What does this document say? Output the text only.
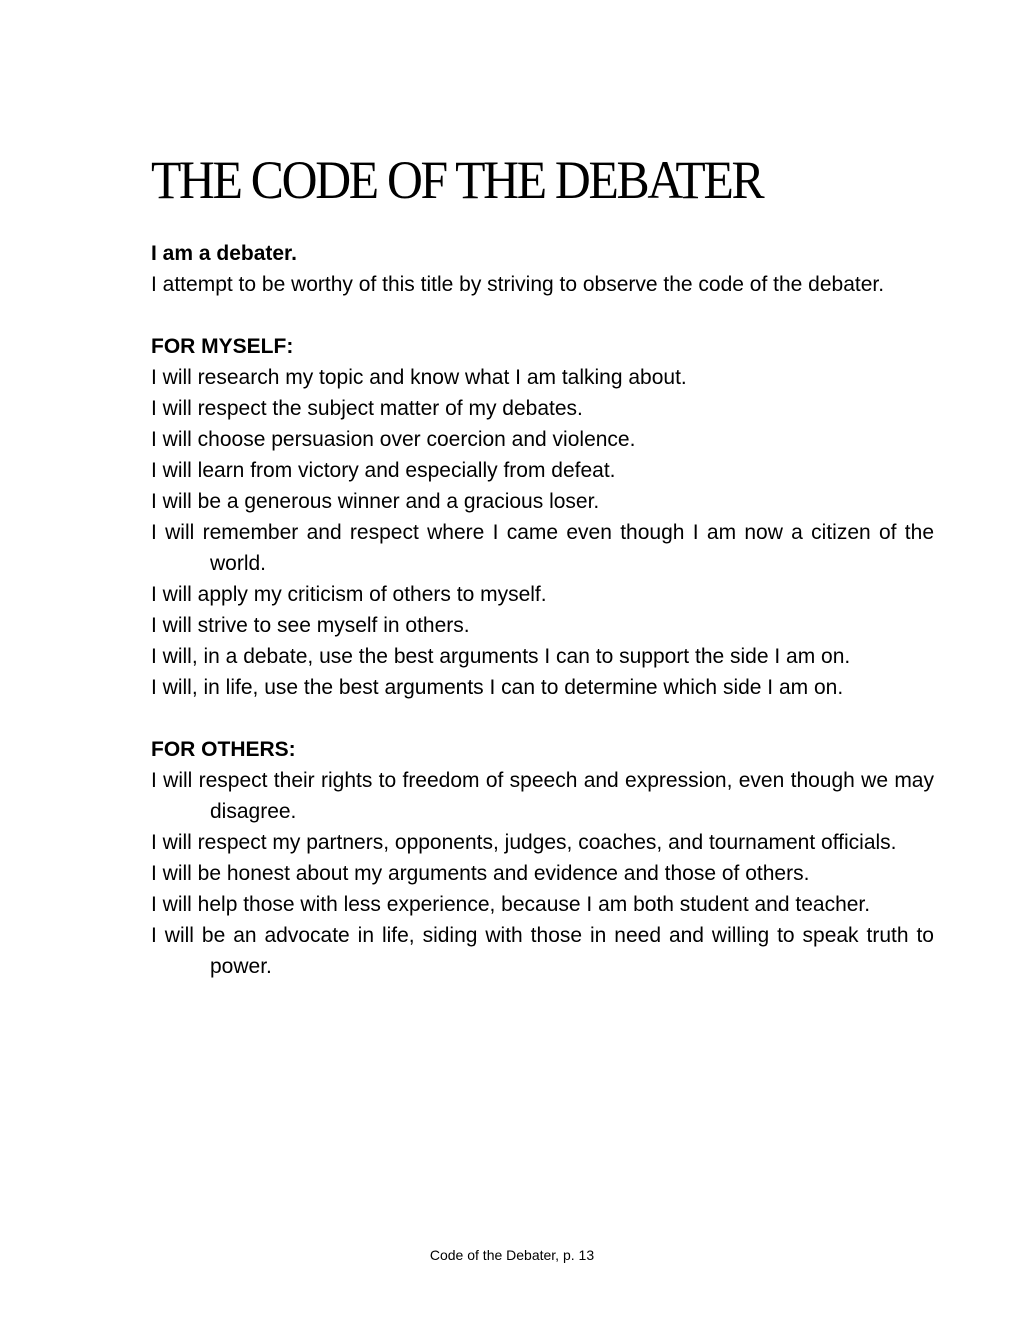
THE CODE OF THE DEBATER

I am a debater.

I attempt to be worthy of this title by striving to observe the code of the debater.

FOR MYSELF:

I will research my topic and know what I am talking about.

I will respect the subject matter of my debates.

I will choose persuasion over coercion and violence.

I will learn from victory and especially from defeat.

I will be a generous winner and a gracious loser.

I will remember and respect where I came even though I am now a citizen of the world.

I will apply my criticism of others to myself.

I will strive to see myself in others.

I will, in a debate, use the best arguments I can to support the side I am on.

I will, in life, use the best arguments I can to determine which side I am on.

FOR OTHERS:

I will respect their rights to freedom of speech and expression, even though we may disagree.

I will respect my partners, opponents, judges, coaches, and tournament officials.

I will be honest about my arguments and evidence and those of others.

I will help those with less experience, because I am both student and teacher.

I will be an advocate in life, siding with those in need and willing to speak truth to power.

Code of the Debater, p. 13
